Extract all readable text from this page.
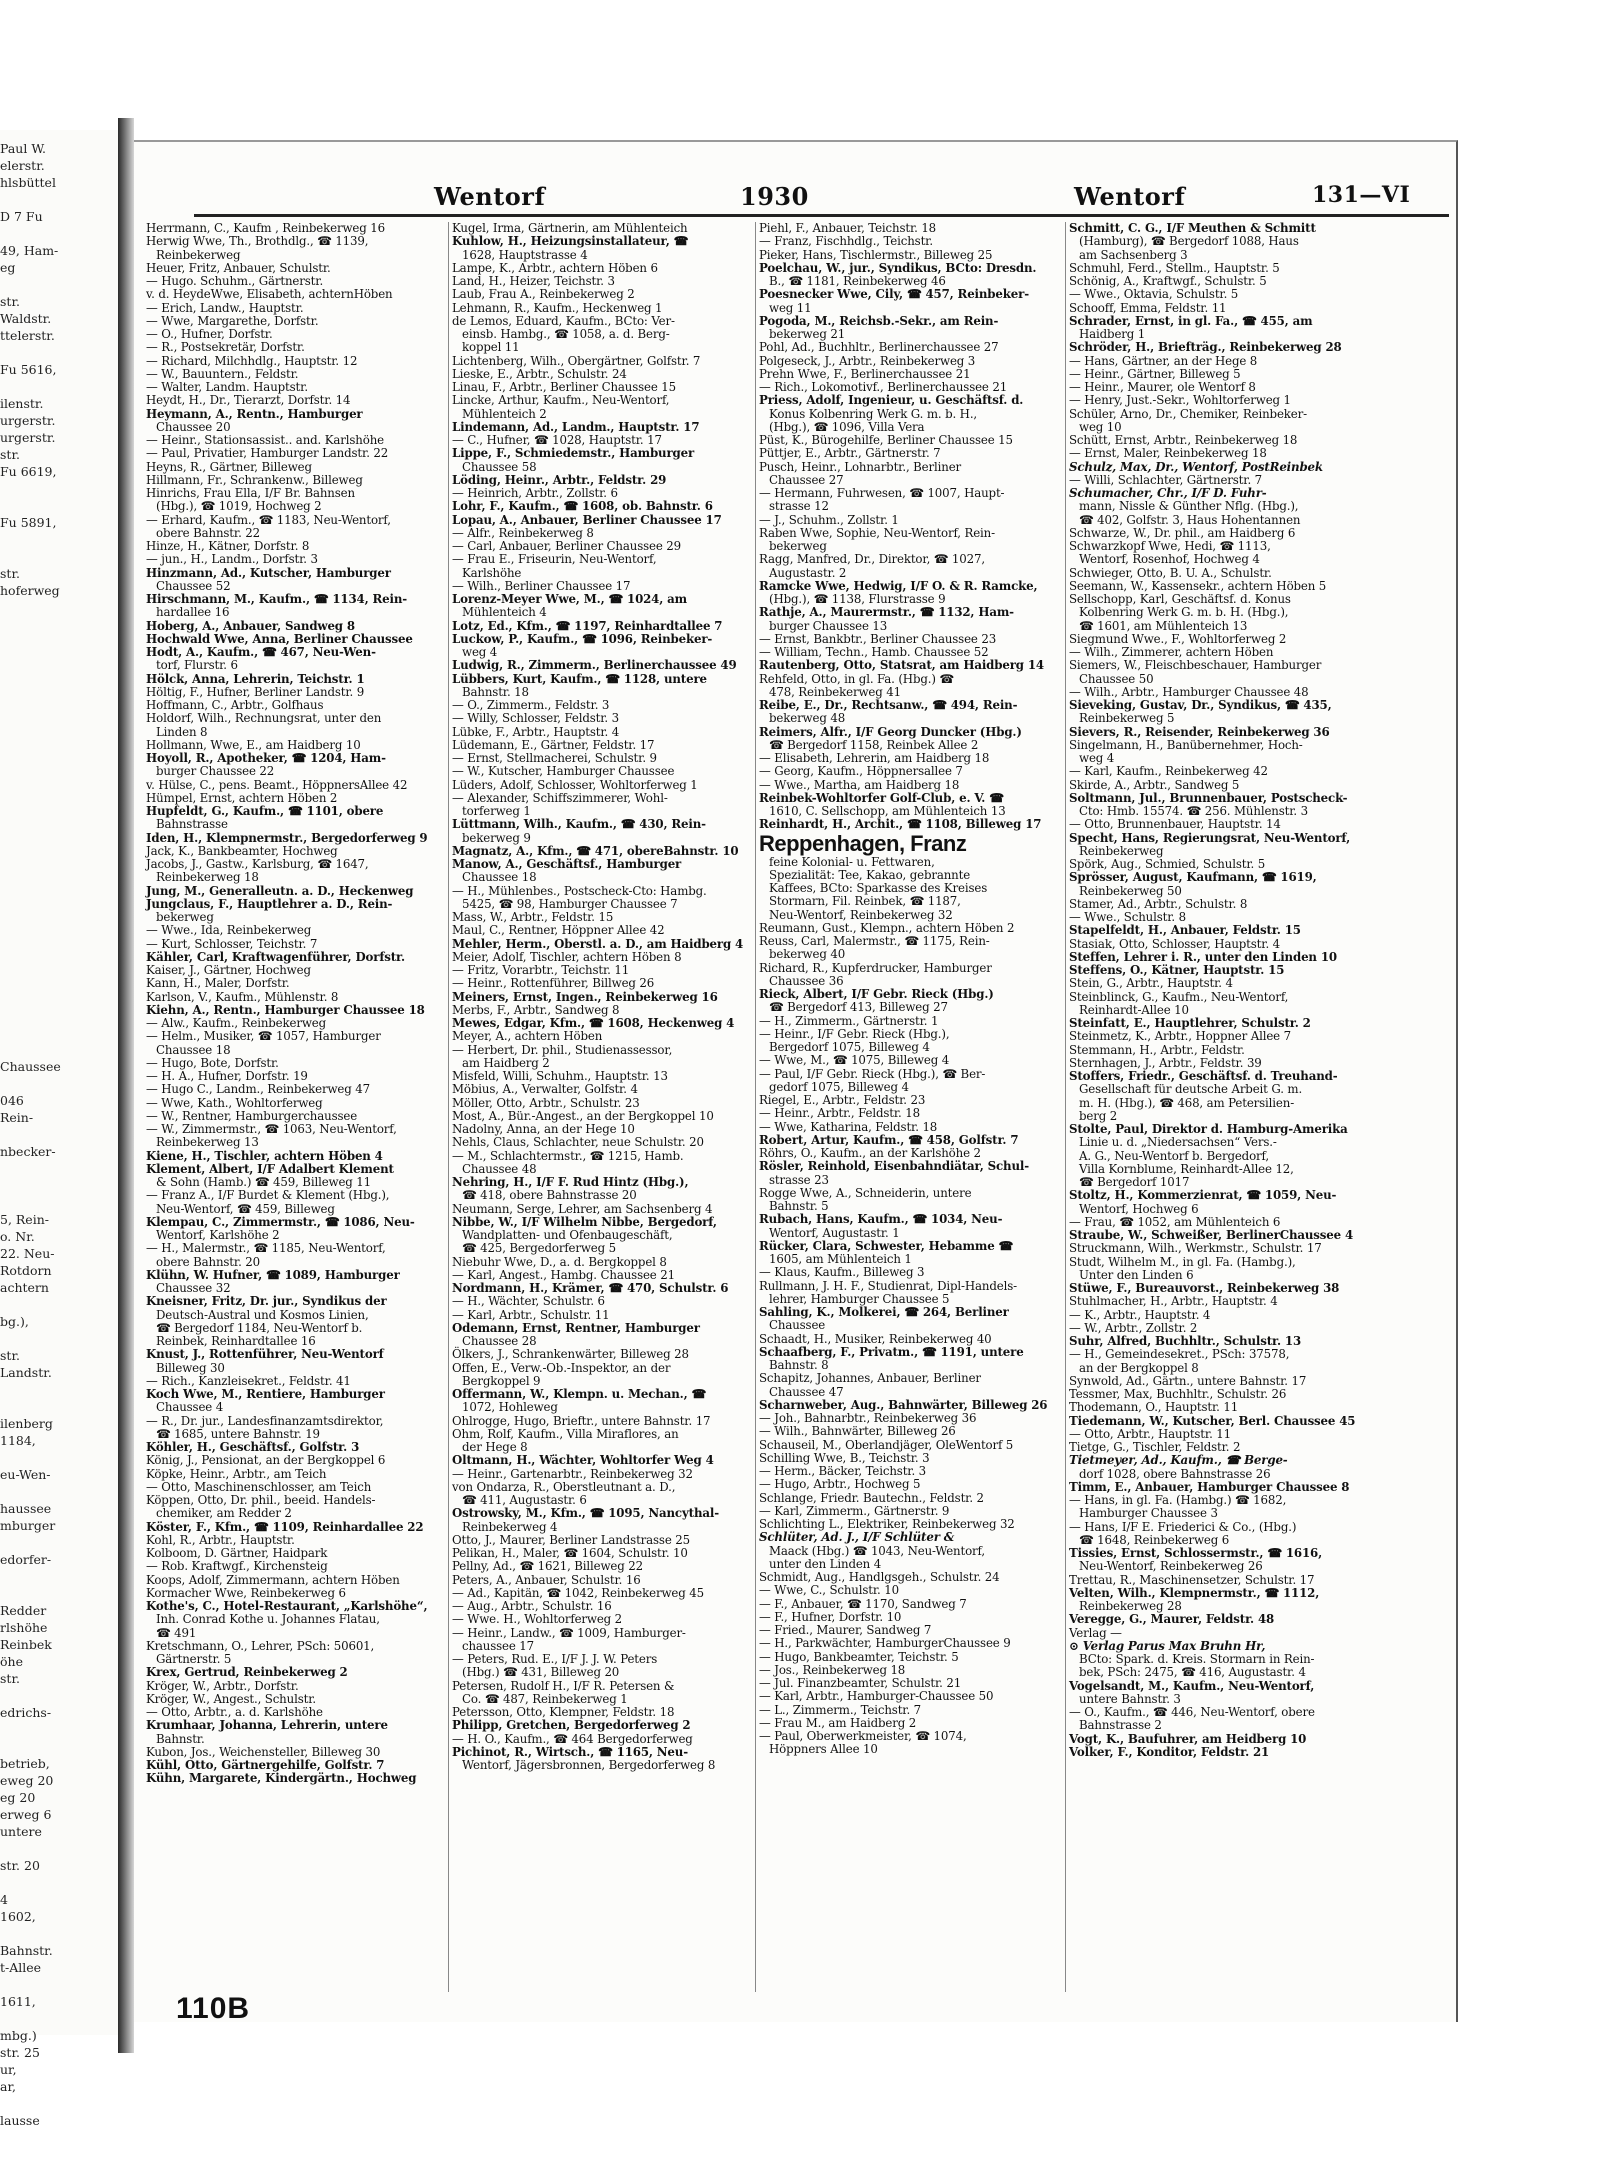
Paul W.
elerstr.
hlsbüttel
D 7 Fu
49, Ham-
eg
str.
Waldstr.
ttelerstr.
Fu 5616,
ilenstr.
urgerstr.
urgerstr.
str.
Fu 6619,
Fu 5891,
str.
hoferweg
Chaussee
046
Rein-
nbecker-
5, Rein-
o. Nr.
22. Neu-
Rotdorn
achtern
bg.),
str.
Landstr.
ilenberg
1184,
eu-Wen-
haussee
mburger
edorfer-
Redder
rlshöhe
Reinbek
öhe
str.
edrichs-
betrieb,
eweg 20
eg 20
erweg 6
untere
str. 20
4
1602,
Bahnstr.
t-Allee
1611,
mbg.)
str. 25
ur,
ar,
lausse
Wentorf	1930	Wentorf	131—VI
Herrmann, C., Kaufm , Reinbekerweg 16
Herwig Wwe, Th., Brothdlg., ☎ 1139,
Reinbekerweg
Heuer, Fritz, Anbauer, Schulstr.
— Hugo. Schuhm., Gärtnerstr.
v. d. HeydeWwe, Elisabeth, achternHöben
— Erich, Landw., Hauptstr.
— Wwe, Margarethe, Dorfstr.
— O., Hufner, Dorfstr.
— R., Postsekretär, Dorfstr.
— Richard, Milchhdlg., Hauptstr. 12
— W., Bauuntern., Feldstr.
— Walter, Landm. Hauptstr.
Heydt, H., Dr., Tierarzt, Dorfstr. 14
Heymann, A., Rentn., Hamburger
Chaussee 20
— Heinr., Stationsassist.. and. Karlshöhe
— Paul, Privatier, Hamburger Landstr. 22
Heyns, R., Gärtner, Billeweg
Hillmann, Fr., Schrankenw., Billeweg
Hinrichs, Frau Ella, I/F Br. Bahnsen
(Hbg.), ☎ 1019, Hochweg 2
— Erhard, Kaufm., ☎ 1183, Neu-Wentorf,
obere Bahnstr. 22
Hinze, H., Kätner, Dorfstr. 8
— jun., H., Landm., Dorfstr. 3
Hinzmann, Ad., Kutscher, Hamburger
Chaussee 52
Hirschmann, M., Kaufm., ☎ 1134, Rein-
hardallee 16
Hoberg, A., Anbauer, Sandweg 8
Hochwald Wwe, Anna, Berliner Chaussee
Hodt, A., Kaufm., ☎ 467, Neu-Wen-
torf, Flurstr. 6
Hölck, Anna, Lehrerin, Teichstr. 1
Höltig, F., Hufner, Berliner Landstr. 9
Hoffmann, C., Arbtr., Golfhaus
Holdorf, Wilh., Rechnungsrat, unter den
Linden 8
Hollmann, Wwe, E., am Haidberg 10
Hoyoll, R., Apotheker, ☎ 1204, Ham-
burger Chaussee 22
v. Hülse, C., pens. Beamt., HöppnersAllee 42
Hümpel, Ernst, achtern Höben 2
Hupfeldt, G., Kaufm., ☎ 1101, obere
Bahnstrasse
Iden, H., Klempnermstr., Bergedorferweg 9
Jack, K., Bankbeamter, Hochweg
Jacobs, J., Gastw., Karlsburg, ☎ 1647,
Reinbekerweg 18
Jung, M., Generalleutn. a. D., Heckenweg
Jungclaus, F., Hauptlehrer a. D., Rein-
bekerweg
— Wwe., Ida, Reinbekerweg
— Kurt, Schlosser, Teichstr. 7
Kähler, Carl, Kraftwagenführer, Dorfstr.
Kaiser, J., Gärtner, Hochweg
Kann, H., Maler, Dorfstr.
Karlson, V., Kaufm., Mühlenstr. 8
Kiehn, A., Rentn., Hamburger Chaussee 18
— Alw., Kaufm., Reinbekerweg
— Helm., Musiker, ☎ 1057, Hamburger
Chaussee 18
— Hugo, Bote, Dorfstr.
— H. A., Hufner, Dorfstr. 19
— Hugo C., Landm., Reinbekerweg 47
— Wwe, Kath., Wohltorferweg
— W., Rentner, Hamburgerchaussee
— W., Zimmermstr., ☎ 1063, Neu-Wentorf,
Reinbekerweg 13
Kiene, H., Tischler, achtern Höben 4
Klement, Albert, I/F Adalbert Klement
& Sohn (Hamb.) ☎ 459, Billeweg 11
— Franz A., I/F Burdet & Klement (Hbg.),
Neu-Wentorf, ☎ 459, Billeweg
Klempau, C., Zimmermstr., ☎ 1086, Neu-
Wentorf, Karlshöhe 2
— H., Malermstr., ☎ 1185, Neu-Wentorf,
obere Bahnstr. 20
Klühn, W. Hufner, ☎ 1089, Hamburger
Chaussee 32
Kneisner, Fritz, Dr. jur., Syndikus der
Deutsch-Austral und Kosmos Linien,
☎ Bergedorf 1184, Neu-Wentorf b.
Reinbek, Reinhardtallee 16
Knust, J., Rottenführer, Neu-Wentorf
Billeweg 30
— Rich., Kanzleisekret., Feldstr. 41
Koch Wwe, M., Rentiere, Hamburger
Chaussee 4
— R., Dr. jur., Landesfinanzamtsdirektor,
☎ 1685, untere Bahnstr. 19
Köhler, H., Geschäftsf., Golfstr. 3
König, J., Pensionat, an der Bergkoppel 6
Köpke, Heinr., Arbtr., am Teich
— Otto, Maschinenschlosser, am Teich
Köppen, Otto, Dr. phil., beeid. Handels-
chemiker, am Redder 2
Köster, F., Kfm., ☎ 1109, Reinhardallee 22
Kohl, R., Arbtr., Hauptstr.
Kolboom, D. Gärtner, Haidpark
— Rob. Kraftwgf., Kirchensteig
Koops, Adolf, Zimmermann, achtern Höben
Kormacher Wwe, Reinbekerweg 6
Kothe's, C., Hotel-Restaurant, „Karlshöhe“,
Inh. Conrad Kothe u. Johannes Flatau,
☎ 491
Kretschmann, O., Lehrer, PSch: 50601,
Gärtnerstr. 5
Krex, Gertrud, Reinbekerweg 2
Kröger, W., Arbtr., Dorfstr.
Kröger, W., Angest., Schulstr.
— Otto, Arbtr., a. d. Karlshöhe
Krumhaar, Johanna, Lehrerin, untere
Bahnstr.
Kubon, Jos., Weichensteller, Billeweg 30
Kühl, Otto, Gärtnergehilfe, Golfstr. 7
Kühn, Margarete, Kindergärtn., Hochweg
Kugel, Irma, Gärtnerin, am Mühlenteich
Kuhlow, H., Heizungsinstallateur, ☎
1628, Hauptstrasse 4
Lampe, K., Arbtr., achtern Höben 6
Land, H., Heizer, Teichstr. 3
Laub, Frau A., Reinbekerweg 2
Lehmann, R., Kaufm., Heckenweg 1
de Lemos, Eduard, Kaufm., BCto: Ver-
einsb. Hambg., ☎ 1058, a. d. Berg-
koppel 11
Lichtenberg, Wilh., Obergärtner, Golfstr. 7
Lieske, E., Arbtr., Schulstr. 24
Linau, F., Arbtr., Berliner Chaussee 15
Lincke, Arthur, Kaufm., Neu-Wentorf,
Mühlenteich 2
Lindemann, Ad., Landm., Hauptstr. 17
— C., Hufner, ☎ 1028, Hauptstr. 17
Lippe, F., Schmiedemstr., Hamburger
Chaussee 58
Löding, Heinr., Arbtr., Feldstr. 29
— Heinrich, Arbtr., Zollstr. 6
Lohr, F., Kaufm., ☎ 1608, ob. Bahnstr. 6
Lopau, A., Anbauer, Berliner Chaussee 17
— Alfr., Reinbekerweg 8
— Carl, Anbauer, Berliner Chaussee 29
— Frau E., Friseurin, Neu-Wentorf,
Karlshöhe
— Wilh., Berliner Chaussee 17
Lorenz-Meyer Wwe, M., ☎ 1024, am
Mühlenteich 4
Lotz, Ed., Kfm., ☎ 1197, Reinhardtallee 7
Luckow, P., Kaufm., ☎ 1096, Reinbeker-
weg 4
Ludwig, R., Zimmerm., Berlinerchaussee 49
Lübbers, Kurt, Kaufm., ☎ 1128, untere
Bahnstr. 18
— O., Zimmerm., Feldstr. 3
— Willy, Schlosser, Feldstr. 3
Lübke, F., Arbtr., Hauptstr. 4
Lüdemann, E., Gärtner, Feldstr. 17
— Ernst, Stellmacherei, Schulstr. 9
— W., Kutscher, Hamburger Chaussee
Lüders, Adolf, Schlosser, Wohltorferweg 1
— Alexander, Schiffszimmerer, Wohl-
torferweg 1
Lüttmann, Wilh., Kaufm., ☎ 430, Rein-
bekerweg 9
Magnatz, A., Kfm., ☎ 471, obereBahnstr. 10
Manow, A., Geschäftsf., Hamburger
Chaussee 18
— H., Mühlenbes., Postscheck-Cto: Hambg.
5425, ☎ 98, Hamburger Chaussee 7
Mass, W., Arbtr., Feldstr. 15
Maul, C., Rentner, Höppner Allee 42
Mehler, Herm., Oberstl. a. D., am Haidberg 4
Meier, Adolf, Tischler, achtern Höben 8
— Fritz, Vorarbtr., Teichstr. 11
— Heinr., Rottenführer, Billweg 26
Meiners, Ernst, Ingen., Reinbekerweg 16
Merbs, F., Arbtr., Sandweg 8
Mewes, Edgar, Kfm., ☎ 1608, Heckenweg 4
Meyer, A., achtern Höben
— Herbert, Dr. phil., Studienassessor,
am Haidberg 2
Misfeld, Willi, Schuhm., Hauptstr. 13
Möbius, A., Verwalter, Golfstr. 4
Möller, Otto, Arbtr., Schulstr. 23
Most, A., Bür.-Angest., an der Bergkoppel 10
Nadolny, Anna, an der Hege 10
Nehls, Claus, Schlachter, neue Schulstr. 20
— M., Schlachtermstr., ☎ 1215, Hamb.
Chaussee 48
Nehring, H., I/F F. Rud Hintz (Hbg.),
☎ 418, obere Bahnstrasse 20
Neumann, Serge, Lehrer, am Sachsenberg 4
Nibbe, W., I/F Wilhelm Nibbe, Bergedorf,
Wandplatten- und Ofenbaugeschäft,
☎ 425, Bergedorferweg 5
Niebuhr Wwe, D., a. d. Bergkoppel 8
— Karl, Angest., Hambg. Chaussee 21
Nordmann, H., Krämer, ☎ 470, Schulstr. 6
— H., Wächter, Schulstr. 6
— Karl, Arbtr., Schulstr. 11
Odemann, Ernst, Rentner, Hamburger
Chaussee 28
Ölkers, J., Schrankenwärter, Billeweg 28
Offen, E., Verw.-Ob.-Inspektor, an der
Bergkoppel 9
Offermann, W., Klempn. u. Mechan., ☎
1072, Hohleweg
Ohlrogge, Hugo, Brieftr., untere Bahnstr. 17
Ohm, Rolf, Kaufm., Villa Miraflores, an
der Hege 8
Oltmann, H., Wächter, Wohltorfer Weg 4
— Heinr., Gartenarbtr., Reinbekerweg 32
von Ondarza, R., Oberstleutnant a. D.,
☎ 411, Augustastr. 6
Ostrowsky, M., Kfm., ☎ 1095, Nancythal-
Reinbekerweg 4
Otto, J., Maurer, Berliner Landstrasse 25
Pelikan, H., Maler, ☎ 1604, Schulstr. 10
Pellny, Ad., ☎ 1621, Billeweg 22
Peters, A., Anbauer, Schulstr. 16
— Ad., Kapitän, ☎ 1042, Reinbekerweg 45
— Aug., Arbtr., Schulstr. 16
— Wwe. H., Wohltorferweg 2
— Heinr., Landw., ☎ 1009, Hamburger-
chaussee 17
— Peters, Rud. E., I/F J. J. W. Peters
(Hbg.) ☎ 431, Billeweg 20
Petersen, Rudolf H., I/F R. Petersen &
Co. ☎ 487, Reinbekerweg 1
Petersson, Otto, Klempner, Feldstr. 18
Philipp, Gretchen, Bergedorferweg 2
— H. O., Kaufm., ☎ 464 Bergedorferweg
Pichinot, R., Wirtsch., ☎ 1165, Neu-
Wentorf, Jägersbronnen, Bergedorferweg 8
Piehl, F., Anbauer, Teichstr. 18
— Franz, Fischhdlg., Teichstr.
Pieker, Hans, Tischlermstr., Billeweg 25
Poelchau, W., jur., Syndikus, BCto: Dresdn.
B., ☎ 1181, Reinbekerweg 46
Poesnecker Wwe, Cily, ☎ 457, Reinbeker-
weg 11
Pogoda, M., Reichsb.-Sekr., am Rein-
bekerweg 21
Pohl, Ad., Buchhltr., Berlinerchaussee 27
Polgeseck, J., Arbtr., Reinbekerweg 3
Prehn Wwe, F., Berlinerchaussee 21
— Rich., Lokomotivf., Berlinerchaussee 21
Priess, Adolf, Ingenieur, u. Geschäftsf. d.
Konus Kolbenring Werk G. m. b. H.,
(Hbg.), ☎ 1096, Villa Vera
Püst, K., Bürogehilfe, Berliner Chaussee 15
Püttjer, E., Arbtr., Gärtnerstr. 7
Pusch, Heinr., Lohnarbtr., Berliner
Chaussee 27
— Hermann, Fuhrwesen, ☎ 1007, Haupt-
strasse 12
— J., Schuhm., Zollstr. 1
Raben Wwe, Sophie, Neu-Wentorf, Rein-
bekerweg
Ragg, Manfred, Dr., Direktor, ☎ 1027,
Augustastr. 2
Ramcke Wwe, Hedwig, I/F O. & R. Ramcke,
(Hbg.), ☎ 1138, Flurstrasse 9
Rathje, A., Maurermstr., ☎ 1132, Ham-
burger Chaussee 13
— Ernst, Bankbtr., Berliner Chaussee 23
— William, Techn., Hamb. Chaussee 52
Rautenberg, Otto, Statsrat, am Haidberg 14
Rehfeld, Otto, in gl. Fa. (Hbg.) ☎
478, Reinbekerweg 41
Reibe, E., Dr., Rechtsanw., ☎ 494, Rein-
bekerweg 48
Reimers, Alfr., I/F Georg Duncker (Hbg.)
☎ Bergedorf 1158, Reinbek Allee 2
— Elisabeth, Lehrerin, am Haidberg 18
— Georg, Kaufm., Höppnersallee 7
— Wwe., Martha, am Haidberg 18
Reinbek-Wohltorfer Golf-Club, e. V. ☎
1610, C. Sellschopp, am Mühlenteich 13
Reinhardt, H., Archit., ☎ 1108, Billeweg 17
Reppenhagen, Franz
feine Kolonial- u. Fettwaren,
Spezialität: Tee, Kakao, gebrannte
Kaffees, BCto: Sparkasse des Kreises
Stormarn, Fil. Reinbek, ☎ 1187,
Neu-Wentorf, Reinbekerweg 32
Reumann, Gust., Klempn., achtern Höben 2
Reuss, Carl, Malermstr., ☎ 1175, Rein-
bekerweg 40
Richard, R., Kupferdrucker, Hamburger
Chaussee 36
Rieck, Albert, I/F Gebr. Rieck (Hbg.)
☎ Bergedorf 413, Billeweg 27
— H., Zimmerm., Gärtnerstr. 1
— Heinr., I/F Gebr. Rieck (Hbg.),
Bergedorf 1075, Billeweg 4
— Wwe, M., ☎ 1075, Billeweg 4
— Paul, I/F Gebr. Rieck (Hbg.), ☎ Ber-
gedorf 1075, Billeweg 4
Riegel, E., Arbtr., Feldstr. 23
— Heinr., Arbtr., Feldstr. 18
— Wwe, Katharina, Feldstr. 18
Robert, Artur, Kaufm., ☎ 458, Golfstr. 7
Röhrs, O., Kaufm., an der Karlshöhe 2
Rösler, Reinhold, Eisenbahndiätar, Schul-
strasse 23
Rogge Wwe, A., Schneiderin, untere
Bahnstr. 5
Rubach, Hans, Kaufm., ☎ 1034, Neu-
Wentorf, Augustastr. 1
Rücker, Clara, Schwester, Hebamme ☎
1605, am Mühlenteich 1
— Klaus, Kaufm., Billeweg 3
Rullmann, J. H. F., Studienrat, Dipl-Handels-
lehrer, Hamburger Chaussee 5
Sahling, K., Molkerei, ☎ 264, Berliner
Chaussee
Schaadt, H., Musiker, Reinbekerweg 40
Schaafberg, F., Privatm., ☎ 1191, untere
Bahnstr. 8
Schapitz, Johannes, Anbauer, Berliner
Chaussee 47
Scharnweber, Aug., Bahnwärter, Billeweg 26
— Joh., Bahnarbtr., Reinbekerweg 36
— Wilh., Bahnwärter, Billeweg 26
Schauseil, M., Oberlandjäger, OleWentorf 5
Schilling Wwe, B., Teichstr. 3
— Herm., Bäcker, Teichstr. 3
— Hugo, Arbtr., Hochweg 5
Schlange, Friedr. Bautechn., Feldstr. 2
— Karl, Zimmerm., Gärtnerstr. 9
Schlichting L., Elektriker, Reinbekerweg 32
Schlüter, Ad. J., I/F Schlüter &
Maack (Hbg.) ☎ 1043, Neu-Wentorf,
unter den Linden 4
Schmidt, Aug., Handlgsgeh., Schulstr. 24
— Wwe, C., Schulstr. 10
— F., Anbauer, ☎ 1170, Sandweg 7
— F., Hufner, Dorfstr. 10
— Fried., Maurer, Sandweg 7
— H., Parkwächter, HamburgerChaussee 9
— Hugo, Bankbeamter, Teichstr. 5
— Jos., Reinbekerweg 18
— Jul. Finanzbeamter, Schulstr. 21
— Karl, Arbtr., Hamburger-Chaussee 50
— L., Zimmerm., Teichstr. 7
— Frau M., am Haidberg 2
— Paul, Oberwerkmeister, ☎ 1074,
Höppners Allee 10
Schmitt, C. G., I/F Meuthen & Schmitt
(Hamburg), ☎ Bergedorf 1088, Haus
am Sachsenberg 3
Schmuhl, Ferd., Stellm., Hauptstr. 5
Schönig, A., Kraftwgf., Schulstr. 5
— Wwe., Oktavia, Schulstr. 5
Schooff, Emma, Feldstr. 11
Schrader, Ernst, in gl. Fa., ☎ 455, am
Haidberg 1
Schröder, H., Briefträg., Reinbekerweg 28
— Hans, Gärtner, an der Hege 8
— Heinr., Gärtner, Billeweg 5
— Heinr., Maurer, ole Wentorf 8
— Henry, Just.-Sekr., Wohltorferweg 1
Schüler, Arno, Dr., Chemiker, Reinbeker-
weg 10
Schütt, Ernst, Arbtr., Reinbekerweg 18
— Ernst, Maler, Reinbekerweg 18
Schulz, Max, Dr., Wentorf, PostReinbek
— Willi, Schlachter, Gärtnerstr. 7
Schumacher, Chr., I/F D. Fuhr-
mann, Nissle & Günther Nflg. (Hbg.),
☎ 402, Golfstr. 3, Haus Hohentannen
Schwarze, W., Dr. phil., am Haidberg 6
Schwarzkopf Wwe, Hedi, ☎ 1113,
Wentorf, Rosenhof, Hochweg 4
Schwieger, Otto, B. U. A., Schulstr.
Seemann, W., Kassensekr., achtern Höben 5
Sellschopp, Karl, Geschäftsf. d. Konus
Kolbenring Werk G. m. b. H. (Hbg.),
☎ 1601, am Mühlenteich 13
Siegmund Wwe., F., Wohltorferweg 2
— Wilh., Zimmerer, achtern Höben
Siemers, W., Fleischbeschauer, Hamburger
Chaussee 50
— Wilh., Arbtr., Hamburger Chaussee 48
Sieveking, Gustav, Dr., Syndikus, ☎ 435,
Reinbekerweg 5
Sievers, R., Reisender, Reinbekerweg 36
Singelmann, H., Banübernehmer, Hoch-
weg 4
— Karl, Kaufm., Reinbekerweg 42
Skirde, A., Arbtr., Sandweg 5
Soltmann, Jul., Brunnenbauer, Postscheck-
Cto: Hmb. 15574. ☎ 256. Mühlenstr. 3
— Otto, Brunnenbauer, Hauptstr. 14
Specht, Hans, Regierungsrat, Neu-Wentorf,
Reinbekerweg
Spörk, Aug., Schmied, Schulstr. 5
Sprösser, August, Kaufmann, ☎ 1619,
Reinbekerweg 50
Stamer, Ad., Arbtr., Schulstr. 8
— Wwe., Schulstr. 8
Stapelfeldt, H., Anbauer, Feldstr. 15
Stasiak, Otto, Schlosser, Hauptstr. 4
Steffen, Lehrer i. R., unter den Linden 10
Steffens, O., Kätner, Hauptstr. 15
Stein, G., Arbtr., Hauptstr. 4
Steinblinck, G., Kaufm., Neu-Wentorf,
Reinhardt-Allee 10
Steinfatt, E., Hauptlehrer, Schulstr. 2
Steinmetz, K., Arbtr., Hoppner Allee 7
Stemmann, H., Arbtr., Feldstr.
Sternhagen, J., Arbtr., Feldstr. 39
Stoffers, Friedr., Geschäftsf. d. Treuhand-
Gesellschaft für deutsche Arbeit G. m.
m. H. (Hbg.), ☎ 468, am Petersilien-
berg 2
Stolte, Paul, Direktor d. Hamburg-Amerika
Linie u. d. „Niedersachsen“ Vers.-
A. G., Neu-Wentorf b. Bergedorf,
Villa Kornblume, Reinhardt-Allee 12,
☎ Bergedorf 1017
Stoltz, H., Kommerzienrat, ☎ 1059, Neu-
Wentorf, Hochweg 6
— Frau, ☎ 1052, am Mühlenteich 6
Straube, W., Schweißer, BerlinerChaussee 4
Struckmann, Wilh., Werkmstr., Schulstr. 17
Studt, Wilhelm M., in gl. Fa. (Hambg.),
Unter den Linden 6
Stüwe, F., Bureauvorst., Reinbekerweg 38
Stuhlmacher, H., Arbtr., Hauptstr. 4
— K., Arbtr., Hauptstr. 4
— W., Arbtr., Zollstr. 2
Suhr, Alfred, Buchhltr., Schulstr. 13
— H., Gemeindesekret., PSch: 37578,
an der Bergkoppel 8
Synwold, Ad., Gärtn., untere Bahnstr. 17
Tessmer, Max, Buchhltr., Schulstr. 26
Thodemann, O., Hauptstr. 11
Tiedemann, W., Kutscher, Berl. Chaussee 45
— Otto, Arbtr., Hauptstr. 11
Tietge, G., Tischler, Feldstr. 2
Tietmeyer, Ad., Kaufm., ☎ Berge-
dorf 1028, obere Bahnstrasse 26
Timm, E., Anbauer, Hamburger Chaussee 8
— Hans, in gl. Fa. (Hambg.) ☎ 1682,
Hamburger Chaussee 3
— Hans, I/F E. Friederici & Co., (Hbg.)
☎ 1648, Reinbekerweg 6
Tissies, Ernst, Schlossermstr., ☎ 1616,
Neu-Wentorf, Reinbekerweg 26
Trettau, R., Maschinensetzer, Schulstr. 17
Velten, Wilh., Klempnermstr., ☎ 1112,
Reinbekerweg 28
Veregge, G., Maurer, Feldstr. 48
Verlag —
⊙ Verlag Parus Max Bruhn Hr,
BCto: Spark. d. Kreis. Stormarn in Rein-
bek, PSch: 2475, ☎ 416, Augustastr. 4
Vogelsandt, M., Kaufm., Neu-Wentorf,
untere Bahnstr. 3
— O., Kaufm., ☎ 446, Neu-Wentorf, obere
Bahnstrasse 2
Vogt, K., Baufuhrer, am Heidberg 10
Volker, F., Konditor, Feldstr. 21
110B
